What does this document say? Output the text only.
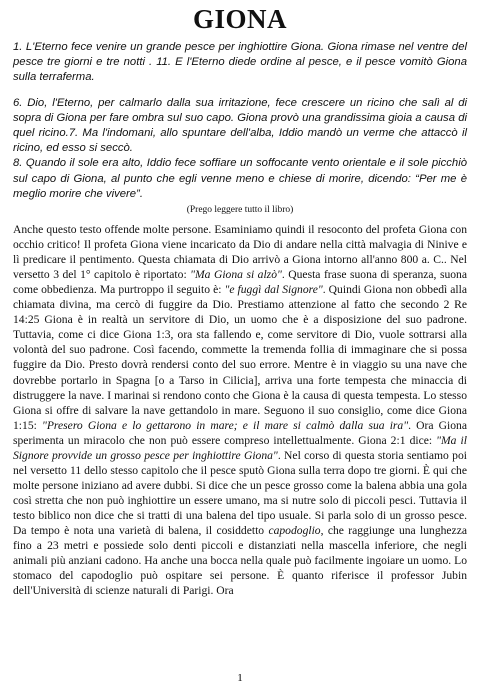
GIONA

1. L'Eterno fece venire un grande pesce per inghiottire Giona. Giona rimase nel ventre del pesce tre giorni e tre notti . 11. E l'Eterno diede ordine al pesce, e il pesce vomitò Giona sulla terraferma.

6. Dio, l'Eterno, per calmarlo dalla sua irritazione, fece crescere un ricino che salì al di sopra di Giona per fare ombra sul suo capo. Giona provò una grandissima gioia a causa di quel ricino.7. Ma l'indomani, allo spuntare dell'alba, Iddio mandò un verme che attaccò il ricino, ed esso si seccò.

8. Quando il sole era alto, Iddio fece soffiare un soffocante vento orientale e il sole picchiò sul capo di Giona, al punto che egli venne meno e chiese di morire, dicendo: “Per me è meglio morire che vivere”.

(Prego leggere tutto il libro)

Anche questo testo offende molte persone. Esaminiamo quindi il resoconto del profeta Giona con occhio critico! Il profeta Giona viene incaricato da Dio di andare nella città malvagia di Ninive e lì predicare il pentimento. Questa chiamata di Dio arrivò a Giona intorno all'anno 800 a. C.. Nel versetto 3 del 1° capitolo è riportato: "Ma Giona si alzò". Questa frase suona di speranza, suona come obbedienza. Ma purtroppo il seguito è: "e fuggì dal Signore". Quindi Giona non obbedì alla chiamata divina, ma cercò di fuggire da Dio. Prestiamo attenzione al fatto che secondo 2 Re 14:25 Giona è in realtà un servitore di Dio, un uomo che è a disposizione del suo padrone. Tuttavia, come ci dice Giona 1:3, ora sta fallendo e, come servitore di Dio, vuole sottrarsi alla volontà del suo padrone. Così facendo, commette la tremenda follia di immaginare che si possa fuggire da Dio. Presto dovrà rendersi conto del suo errore. Mentre è in viaggio su una nave che dovrebbe portarlo in Spagna [o a Tarso in Cilicia], arriva una forte tempesta che minaccia di distruggere la nave. I marinai si rendono conto che Giona è la causa di questa tempesta. Lo stesso Giona si offre di salvare la nave gettandolo in mare. Seguono il suo consiglio, come dice Giona 1:15: "Presero Giona e lo gettarono in mare; e il mare si calmò dalla sua ira". Ora Giona sperimenta un miracolo che non può essere compreso intellettualmente. Giona 2:1 dice: "Ma il Signore provvide un grosso pesce per inghiottire Giona". Nel corso di questa storia sentiamo poi nel versetto 11 dello stesso capitolo che il pesce sputò Giona sulla terra dopo tre giorni. È qui che molte persone iniziano ad avere dubbi. Si dice che un pesce grosso come la balena abbia una gola così stretta che non può inghiottire un essere umano, ma si nutre solo di piccoli pesci. Tuttavia il testo biblico non dice che si tratti di una balena del tipo usuale. Si parla solo di un grosso pesce. Da tempo è nota una varietà di balena, il cosiddetto capodoglio, che raggiunge una lunghezza fino a 23 metri e possiede solo denti piccoli e distanziati nella mascella inferiore, che negli animali più anziani cadono. Ha anche una bocca nella quale può facilmente ingoiare un uomo. Lo stomaco del capodoglio può ospitare sei persone. È quanto riferisce il professor Jubin dell'Università di scienze naturali di Parigi. Ora

1
